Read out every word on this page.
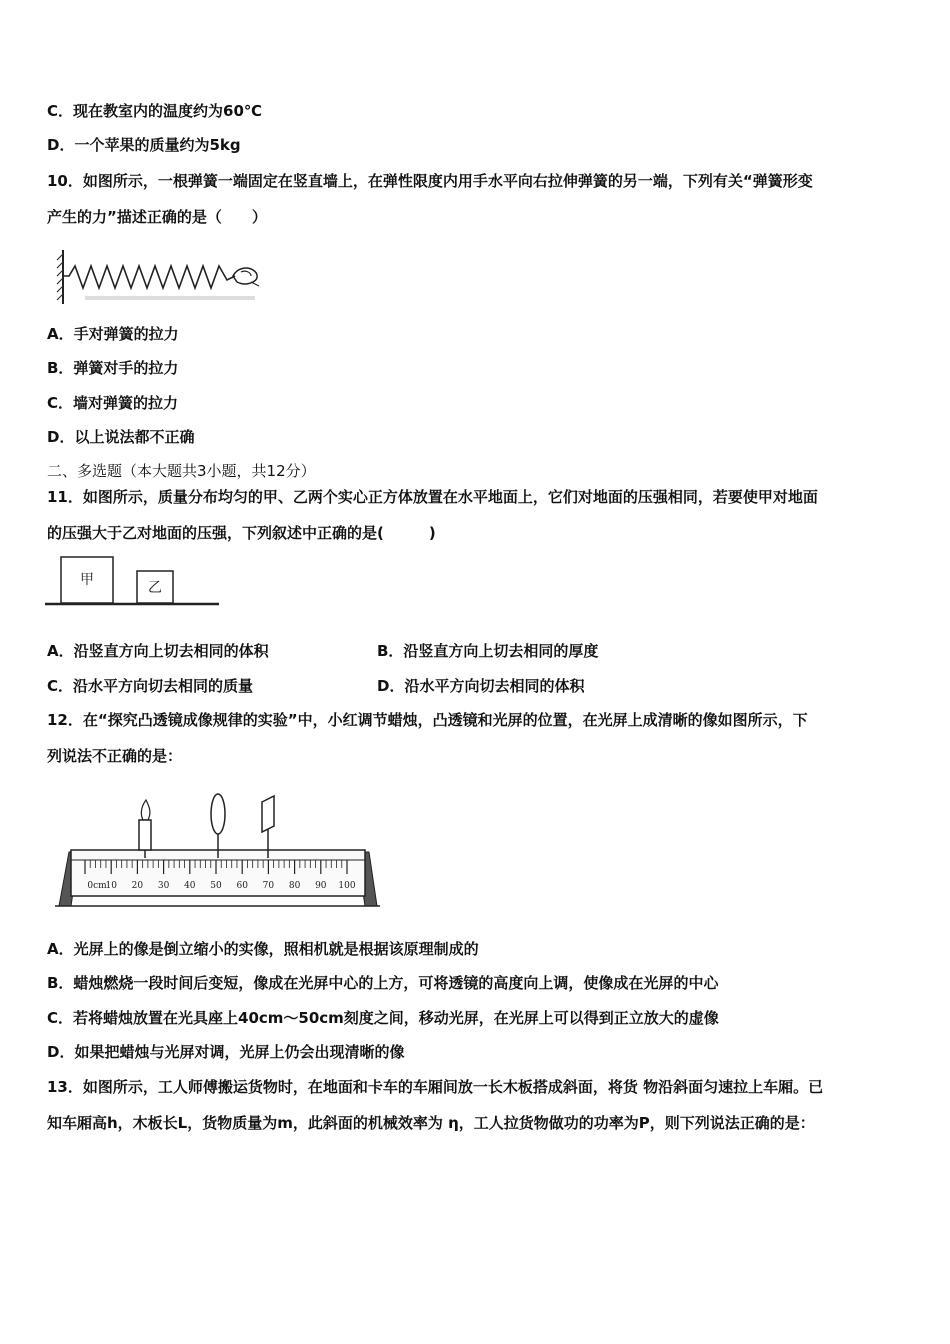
C．现在教室内的温度约为60℃
D．一个苹果的质量约为5kg
10．如图所示，一根弹簧一端固定在竖直墙上，在弹性限度内用手水平向右拉伸弹簧的另一端，下列有关“弹簧形变
产生的力”描述正确的是（　　）
A．手对弹簧的拉力
B．弹簧对手的拉力
C．墙对弹簧的拉力
D．以上说法都不正确
二、多选题（本大题共3小题，共12分）
11．如图所示，质量分布均匀的甲、乙两个实心正方体放置在水平地面上，它们对地面的压强相同，若要使甲对地面
的压强大于乙对地面的压强，下列叙述中正确的是(　　　)
甲	乙
A．沿竖直方向上切去相同的体积	B．沿竖直方向上切去相同的厚度
C．沿水平方向切去相同的质量	D．沿水平方向切去相同的体积
12．在“探究凸透镜成像规律的实验”中，小红调节蜡烛，凸透镜和光屏的位置，在光屏上成清晰的像如图所示，下
列说法不正确的是：
0cm
10 20 30 40 50 60 70 80 90 100
A．光屏上的像是倒立缩小的实像，照相机就是根据该原理制成的
B．蜡烛燃烧一段时间后变短，像成在光屏中心的上方，可将透镜的高度向上调，使像成在光屏的中心
C．若将蜡烛放置在光具座上40cm～50cm刻度之间，移动光屏，在光屏上可以得到正立放大的虚像
D．如果把蜡烛与光屏对调，光屏上仍会出现清晰的像
13．如图所示，工人师傅搬运货物时，在地面和卡车的车厢间放一长木板搭成斜面，将货 物沿斜面匀速拉上车厢。已
知车厢高h，木板长L，货物质量为m，此斜面的机械效率为 η，工人拉货物做功的功率为P，则下列说法正确的是：
